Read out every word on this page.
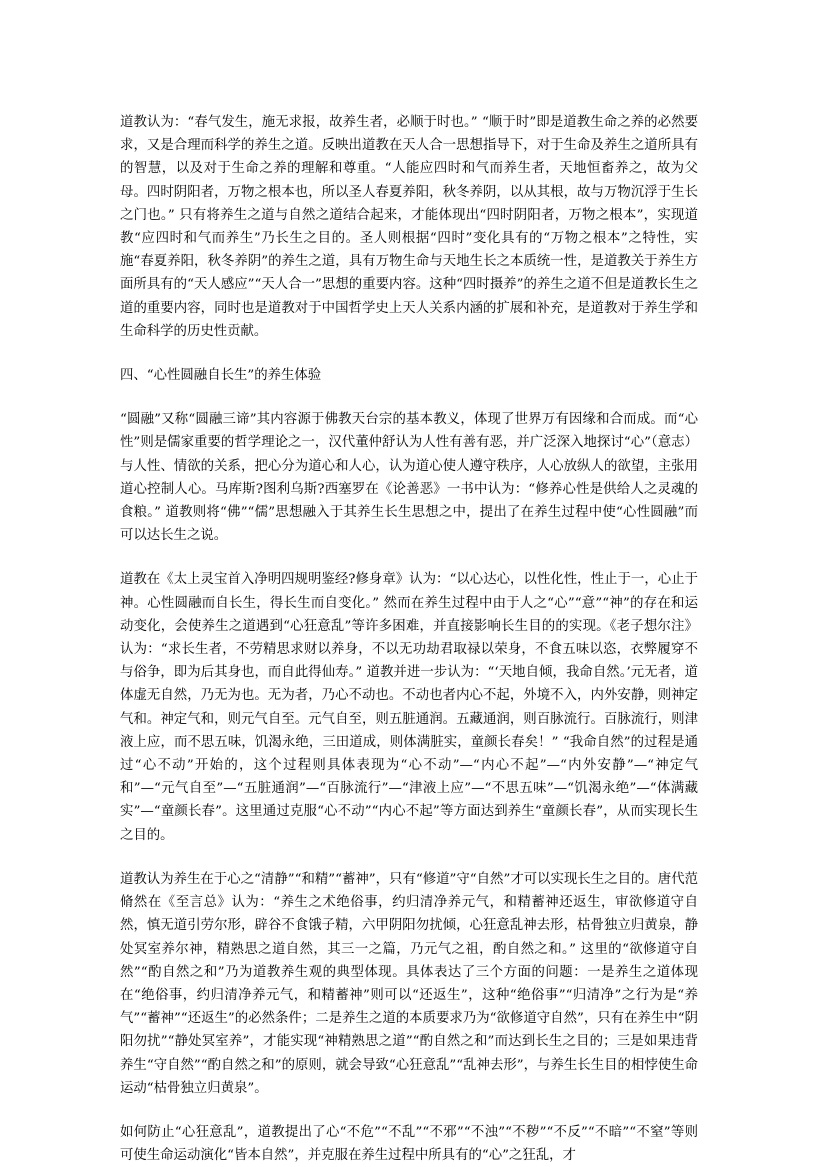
道教认为：“春气发生，施无求报，故养生者，必顺于时也。” “顺于时”即是道教生命之养的必然要求，又是合理而科学的养生之道。反映出道教在天人合一思想指导下，对于生命及养生之道所具有的智慧，以及对于生命之养的理解和尊重。“人能应四时和气而养生者，天地恒畜养之，故为父母。四时阴阳者，万物之根本也，所以圣人春夏养阳，秋冬养阴，以从其根，故与万物沉浮于生长之门也。” 只有将养生之道与自然之道结合起来，才能体现出“四时阴阳者，万物之根本”，实现道教“应四时和气而养生”乃长生之目的。圣人则根据“四时”变化具有的“万物之根本”之特性，实施“春夏养阳，秋冬养阴”的养生之道，具有万物生命与天地生长之本质统一性，是道教关于养生方面所具有的“天人感应”“天人合一”思想的重要内容。这种“四时摄养”的养生之道不但是道教长生之道的重要内容，同时也是道教对于中国哲学史上天人关系内涵的扩展和补充，是道教对于养生学和生命科学的历史性贡献。

四、“心性圆融自长生”的养生体验

“圆融”又称“圆融三谛”其内容源于佛教天台宗的基本教义，体现了世界万有因缘和合而成。而“心性”则是儒家重要的哲学理论之一，汉代董仲舒认为人性有善有恶，并广泛深入地探讨“心”（意志）与人性、情欲的关系，把心分为道心和人心，认为道心使人遵守秩序，人心放纵人的欲望，主张用道心控制人心。马库斯?图利乌斯?西塞罗在《论善恶》一书中认为：“修养心性是供给人之灵魂的食粮。” 道教则将“佛”“儒”思想融入于其养生长生思想之中，提出了在养生过程中使“心性圆融”而可以达长生之说。

道教在《太上灵宝首入净明四规明鉴经?修身章》认为：“以心达心，以性化性，性止于一，心止于神。心性圆融而自长生，得长生而自变化。” 然而在养生过程中由于人之“心”“意”“神”的存在和运动变化，会使养生之道遇到“心狂意乱”等许多困难，并直接影响长生目的的实现。《老子想尔注》认为：“求长生者，不劳精思求财以养身，不以无功劫君取禄以荣身，不食五味以恣，衣弊履穿不与俗争，即为后其身也，而自此得仙寿。” 道教并进一步认为：“‘天地自倾，我命自然。’元无者，道体虚无自然，乃无为也。无为者，乃心不动也。不动也者内心不起，外境不入，内外安静，则神定气和。神定气和，则元气自至。元气自至，则五脏通润。五藏通润，则百脉流行。百脉流行，则津液上应，而不思五味，饥渴永绝，三田道成，则体满脏实，童颜长春矣！” “我命自然”的过程是通过“心不动”开始的，这个过程则具体表现为“心不动”—“内心不起”—“内外安静”—“神定气和”—“元气自至”—“五脏通润”—“百脉流行”—“津液上应”—“不思五味”—“饥渴永绝”—“体满藏实”—“童颜长春”。这里通过克服“心不动”“内心不起”等方面达到养生“童颜长春”，从而实现长生之目的。

道教认为养生在于心之“清静”“和精”“蓄神”，只有“修道”守“自然”才可以实现长生之目的。唐代范脩然在《至言总》认为：“养生之术绝俗事，约归清净养元气，和精蓄神还返生，审欲修道守自然，慎无道引劳尔形，辟谷不食饿子精，六甲阴阳勿扰倾，心狂意乱神去形，枯骨独立归黄泉，静处冥室养尔神，精熟思之道自然，其三一之篇，乃元气之祖，酌自然之和。” 这里的“欲修道守自然”“酌自然之和”乃为道教养生观的典型体现。具体表达了三个方面的问题：一是养生之道体现在“绝俗事，约归清净养元气，和精蓄神”则可以“还返生”，这种“绝俗事”“归清净”之行为是“养气”“蓄神”“还返生”的必然条件；二是养生之道的本质要求乃为“欲修道守自然”，只有在养生中“阴阳勿扰”“静处冥室养”，才能实现“神精熟思之道”“酌自然之和”而达到长生之目的；三是如果违背养生“守自然”“酌自然之和”的原则，就会导致“心狂意乱”“乱神去形”，与养生长生目的相悖使生命运动“枯骨独立归黄泉”。

如何防止“心狂意乱”，道教提出了心“不危”“不乱”“不邪”“不浊”“不秽”“不反”“不暗”“不窒”等则可使生命运动演化“皆本自然”，并克服在养生过程中所具有的“心”之狂乱，才
